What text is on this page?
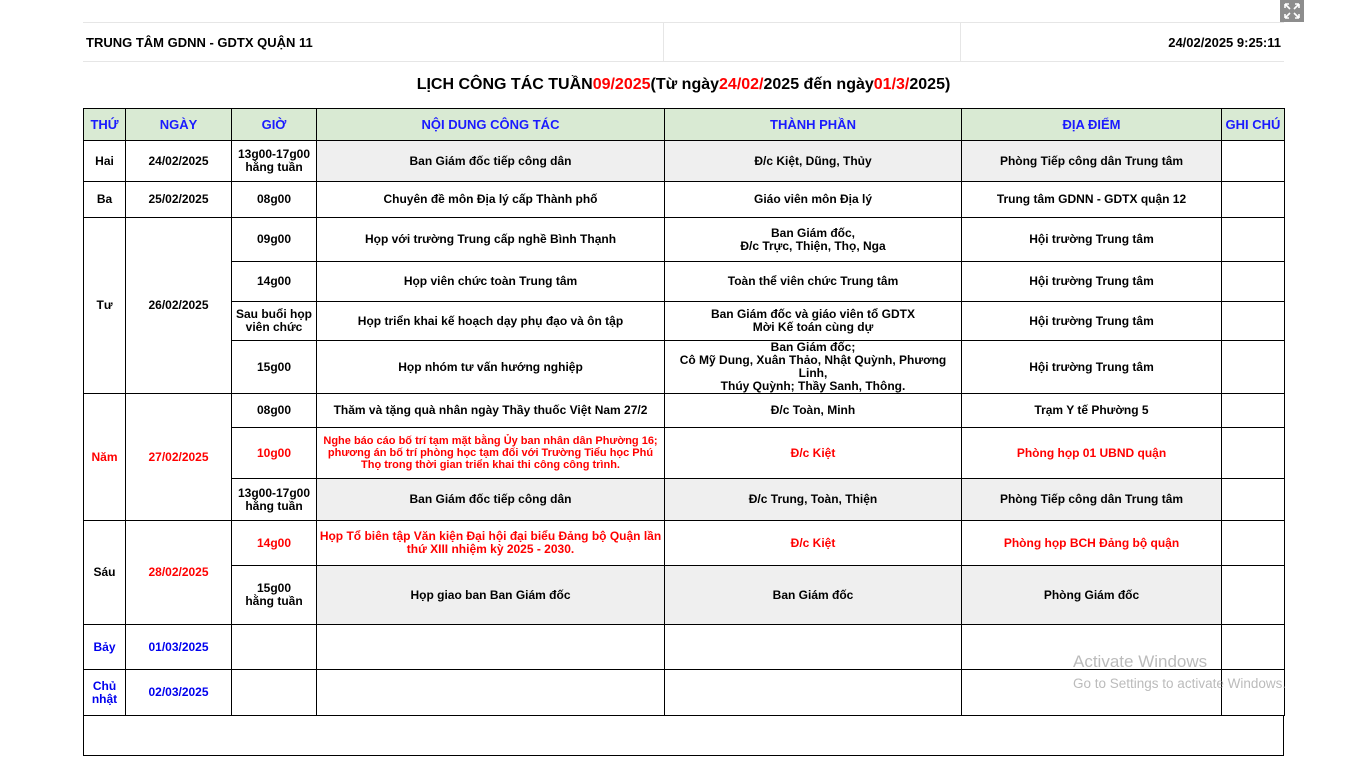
TRUNG TÂM GDNN - GDTX QUẬN 11	24/02/2025 9:25:11
LỊCH CÔNG TÁC TUẦN 09/2025 (Từ ngày 24/02/ 2025 đến ngày 01/3/ 2025)
THỨ	NGÀY	GIỜ	NỘI DUNG CÔNG TÁC	THÀNH PHẦN	ĐỊA ĐIỂM	GHI CHÚ
Hai	24/02/2025	13g00-17g00
hằng tuần	Ban Giám đốc tiếp công dân	Đ/c Kiệt, Dũng, Thủy	Phòng Tiếp công dân Trung tâm	
Ba	25/02/2025	08g00	Chuyên đề môn Địa lý cấp Thành phố	Giáo viên môn Địa lý	Trung tâm GDNN - GDTX quận 12	
Tư	26/02/2025	09g00	Họp với trường Trung cấp nghề Bình Thạnh	Ban Giám đốc,
Đ/c Trực, Thiện, Thọ, Nga	Hội trường Trung tâm	
		14g00	Họp viên chức toàn Trung tâm	Toàn thể viên chức Trung tâm	Hội trường Trung tâm	
		Sau buổi họp
viên chức	Họp triển khai kế hoạch dạy phụ đạo và ôn tập	Ban Giám đốc và giáo viên tổ GDTX
Mời Kế toán cùng dự	Hội trường Trung tâm	
		15g00	Họp nhóm tư vấn hướng nghiệp	Ban Giám đốc;
Cô Mỹ Dung, Xuân Thảo, Nhật Quỳnh, Phương Linh,
Thúy Quỳnh; Thầy Sanh, Thông.	Hội trường Trung tâm	
Năm	27/02/2025	08g00	Thăm và tặng quà nhân ngày Thầy thuốc Việt Nam 27/2	Đ/c Toàn, Minh	Trạm Y tế Phường 5	
		10g00	Nghe báo cáo bố trí tạm mặt bằng Ủy ban nhân dân Phường 16;
phương án bố trí phòng học tạm đối với Trường Tiểu học Phú
Thọ trong thời gian triển khai thi công công trình.	Đ/c Kiệt	Phòng họp 01 UBND quận	
		13g00-17g00
hằng tuần	Ban Giám đốc tiếp công dân	Đ/c Trung, Toàn, Thiện	Phòng Tiếp công dân Trung tâm	
Sáu	28/02/2025	14g00	Họp Tổ biên tập Văn kiện Đại hội đại biểu Đảng bộ Quận lần
thứ XIII nhiệm kỳ 2025 - 2030.	Đ/c Kiệt	Phòng họp BCH Đảng bộ quận	
		15g00
hằng tuần	Họp giao ban Ban Giám đốc	Ban Giám đốc	Phòng Giám đốc	
Bảy	01/03/2025					
Chủ
nhật	02/03/2025					
Activate Windows
Go to Settings to activate Windows.
